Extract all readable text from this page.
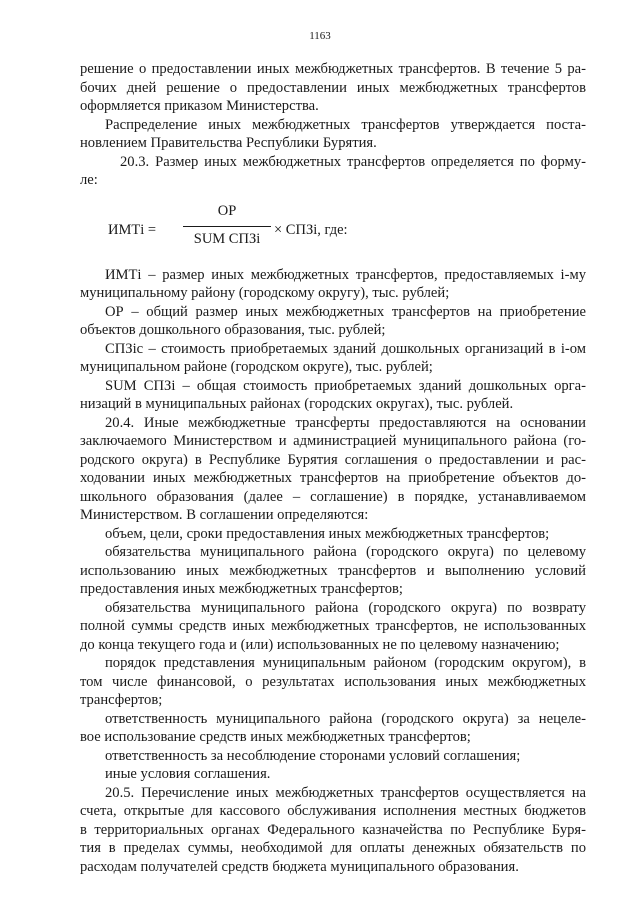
1163

решение о предоставлении иных межбюджетных трансфертов. В течение 5 ра-
бочих дней решение о предоставлении иных межбюджетных трансфертов
оформляется приказом Министерства.

Распределение иных межбюджетных трансфертов утверждается поста-
новлением Правительства Республики Бурятия.

20.3. Размер иных межбюджетных трансфертов определяется по форму-
ле:

ИМТi =
ОР
SUM СПЗi
× СПЗi, где:

ИМТi – размер иных межбюджетных трансфертов, предоставляемых i-му
муниципальному району (городскому округу), тыс. рублей;

ОР – общий размер иных межбюджетных трансфертов на приобретение
объектов дошкольного образования, тыс. рублей;

СПЗic – стоимость приобретаемых зданий дошкольных организаций в i-ом
муниципальном районе (городском округе), тыс. рублей;

SUM СПЗi – общая стоимость приобретаемых зданий дошкольных орга-
низаций в муниципальных районах (городских округах), тыс. рублей.

20.4. Иные межбюджетные трансферты предоставляются на основании
заключаемого Министерством и администрацией муниципального района (го-
родского округа) в Республике Бурятия соглашения о предоставлении и рас-
ходовании иных межбюджетных трансфертов на приобретение объектов до-
школьного образования (далее – соглашение) в порядке, устанавливаемом
Министерством. В соглашении определяются:

объем, цели, сроки предоставления иных межбюджетных трансфертов;

обязательства муниципального района (городского округа) по целевому
использованию иных межбюджетных трансфертов и выполнению условий
предоставления иных межбюджетных трансфертов;

обязательства муниципального района (городского округа) по возврату
полной суммы средств иных межбюджетных трансфертов, не использованных
до конца текущего года и (или) использованных не по целевому назначению;

порядок представления муниципальным районом (городским округом), в
том числе финансовой, о результатах использования иных межбюджетных
трансфертов;

ответственность муниципального района (городского округа) за нецеле-
вое использование средств иных межбюджетных трансфертов;

ответственность за несоблюдение сторонами условий соглашения;

иные условия соглашения.

20.5. Перечисление иных межбюджетных трансфертов осуществляется на
счета, открытые для кассового обслуживания исполнения местных бюджетов
в территориальных органах Федерального казначейства по Республике Буря-
тия в пределах суммы, необходимой для оплаты денежных обязательств по
расходам получателей средств бюджета муниципального образования.
